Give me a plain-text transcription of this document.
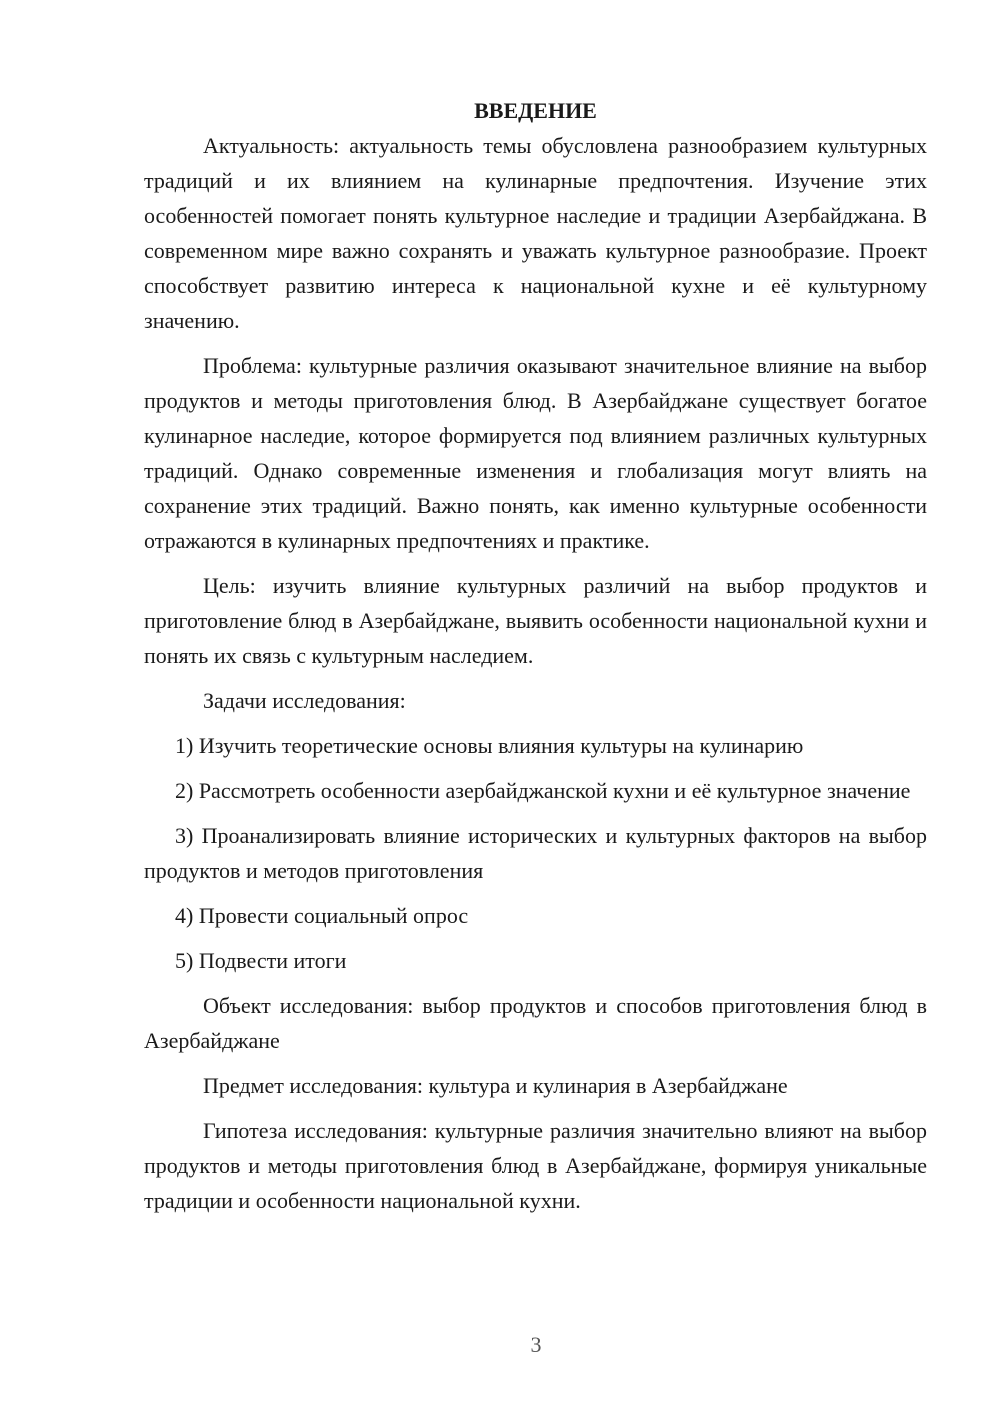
ВВЕДЕНИЕ

Актуальность: актуальность темы обусловлена разнообразием культурных традиций и их влиянием на кулинарные предпочтения. Изучение этих особенностей помогает понять культурное наследие и традиции Азербайджана. В современном мире важно сохранять и уважать культурное разнообразие. Проект способствует развитию интереса к национальной кухне и её культурному значению.

Проблема: культурные различия оказывают значительное влияние на выбор продуктов и методы приготовления блюд. В Азербайджане существует богатое кулинарное наследие, которое формируется под влиянием различных культурных традиций. Однако современные изменения и глобализация могут влиять на сохранение этих традиций. Важно понять, как именно культурные особенности отражаются в кулинарных предпочтениях и практике.

Цель: изучить влияние культурных различий на выбор продуктов и приготовление блюд в Азербайджане, выявить особенности национальной кухни и понять их связь с культурным наследием.

Задачи исследования:

1) Изучить теоретические основы влияния культуры на кулинарию

2) Рассмотреть особенности азербайджанской кухни и её культурное значение

3) Проанализировать влияние исторических и культурных факторов на выбор продуктов и методов приготовления

4) Провести социальный опрос

5) Подвести итоги

Объект исследования: выбор продуктов и способов приготовления блюд в Азербайджане

Предмет исследования: культура и кулинария в Азербайджане

Гипотеза исследования: культурные различия значительно влияют на выбор продуктов и методы приготовления блюд в Азербайджане, формируя уникальные традиции и особенности национальной кухни.

3
